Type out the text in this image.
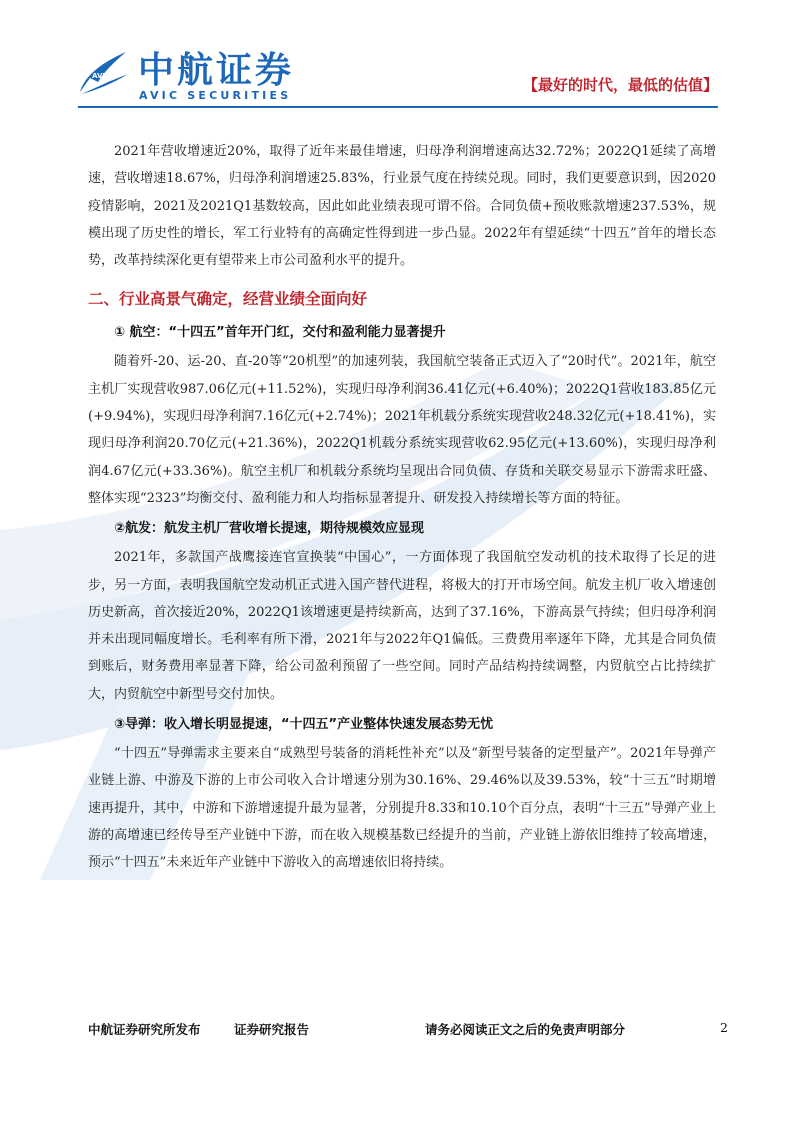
AVIC 中航证券
AVIC SECURITIES
【最好的时代，最低的估值】

2021年营收增速近20%，取得了近年来最佳增速，归母净利润增速高达32.72%；2022Q1延续了高增速，营收增速18.67%，归母净利润增速25.83%，行业景气度在持续兑现。同时，我们更要意识到，因2020疫情影响，2021及2021Q1基数较高，因此如此业绩表现可谓不俗。合同负债+预收账款增速237.53%，规模出现了历史性的增长，军工行业特有的高确定性得到进一步凸显。2022年有望延续“十四五”首年的增长态势，改革持续深化更有望带来上市公司盈利水平的提升。

二、行业高景气确定，经营业绩全面向好
① 航空：“十四五”首年开门红，交付和盈利能力显著提升

随着歼-20、运-20、直-20等“20机型”的加速列装，我国航空装备正式迈入了“20时代”。2021年，航空主机厂实现营收987.06亿元(+11.52%)，实现归母净利润36.41亿元(+6.40%)；2022Q1营收183.85亿元(+9.94%)，实现归母净利润7.16亿元(+2.74%)；2021年机载分系统实现营收248.32亿元(+18.41%)，实现归母净利润20.70亿元(+21.36%)，2022Q1机载分系统实现营收62.95亿元(+13.60%)，实现归母净利润4.67亿元(+33.36%)。航空主机厂和机载分系统均呈现出合同负债、存货和关联交易显示下游需求旺盛、整体实现“2323”均衡交付、盈利能力和人均指标显著提升、研发投入持续增长等方面的特征。

②航发：航发主机厂营收增长提速，期待规模效应显现

2021年，多款国产战鹰接连官宣换装“中国心”，一方面体现了我国航空发动机的技术取得了长足的进步，另一方面，表明我国航空发动机正式进入国产替代进程，将极大的打开市场空间。航发主机厂收入增速创历史新高，首次接近20%，2022Q1该增速更是持续新高，达到了37.16%，下游高景气持续；但归母净利润并未出现同幅度增长。毛利率有所下滑，2021年与2022年Q1偏低。三费费用率逐年下降，尤其是合同负债到账后，财务费用率显著下降，给公司盈利预留了一些空间。同时产品结构持续调整，内贸航空占比持续扩大，内贸航空中新型号交付加快。

③导弹：收入增长明显提速，“十四五”产业整体快速发展态势无忧

“十四五”导弹需求主要来自“成熟型号装备的消耗性补充”以及“新型号装备的定型量产”。2021年导弹产业链上游、中游及下游的上市公司收入合计增速分别为30.16%、29.46%以及39.53%，较“十三五”时期增速再提升，其中，中游和下游增速提升最为显著，分别提升8.33和10.10个百分点，表明“十三五”导弹产业上游的高增速已经传导至产业链中下游，而在收入规模基数已经提升的当前，产业链上游依旧维持了较高增速，预示“十四五”未来近年产业链中下游收入的高增速依旧将持续。

中航证券研究所发布	证券研究报告	请务必阅读正文之后的免责声明部分	2
